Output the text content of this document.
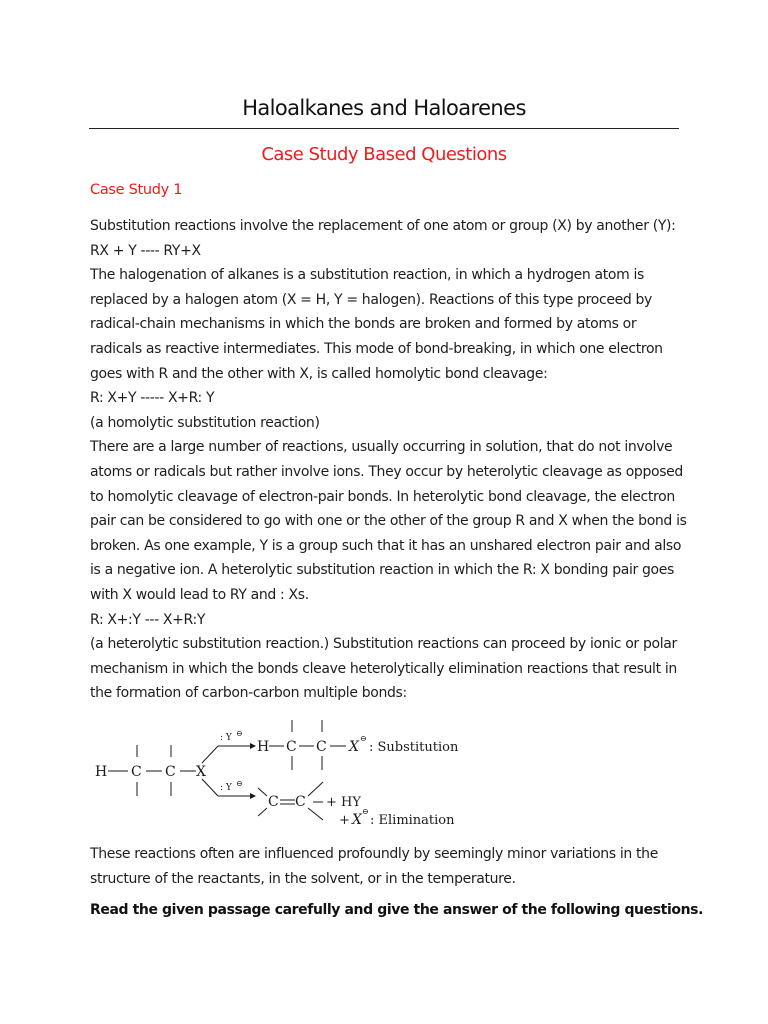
Haloalkanes and Haloarenes
Case Study Based Questions
Case Study 1
Substitution reactions involve the replacement of one atom or group (X) by another (Y):
RX + Y ---- RY+X
The halogenation of alkanes is a substitution reaction, in which a hydrogen atom is
replaced by a halogen atom (X = H, Y = halogen). Reactions of this type proceed by
radical-chain mechanisms in which the bonds are broken and formed by atoms or
radicals as reactive intermediates. This mode of bond-breaking, in which one electron
goes with R and the other with X, is called homolytic bond cleavage:
R: X+Y ----- X+R: Y
(a homolytic substitution reaction)
There are a large number of reactions, usually occurring in solution, that do not involve
atoms or radicals but rather involve ions. They occur by heterolytic cleavage as opposed
to homolytic cleavage of electron-pair bonds. In heterolytic bond cleavage, the electron
pair can be considered to go with one or the other of the group R and X when the bond is
broken. As one example, Y is a group such that it has an unshared electron pair and also
is a negative ion. A heterolytic substitution reaction in which the R: X bonding pair goes
with X would lead to RY and : Xs.
R: X+:Y --- X+R:Y
(a heterolytic substitution reaction.) Substitution reactions can proceed by ionic or polar
mechanism in which the bonds cleave heterolytically elimination reactions that result in
the formation of carbon-carbon multiple bonds:
H C C X
: Y ⊖
: Y ⊖
H C C X
⊖
: Substitution
C C + HY
+ X
⊖
: Elimination
These reactions often are influenced profoundly by seemingly minor variations in the
structure of the reactants, in the solvent, or in the temperature.
Read the given passage carefully and give the answer of the following questions.
